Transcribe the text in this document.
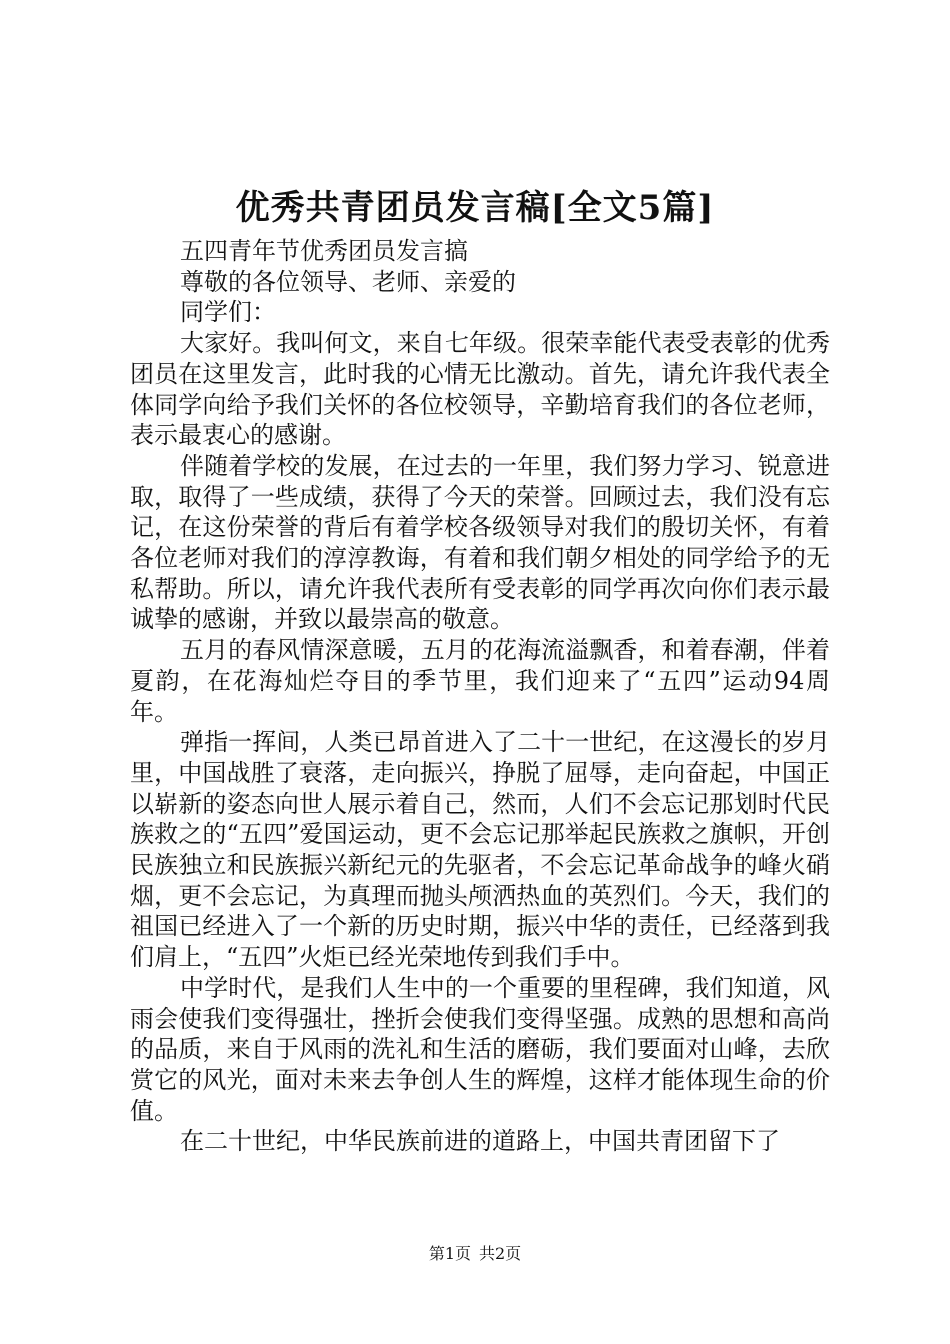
优秀共青团员发言稿[全文5篇]
五四青年节优秀团员发言搞
尊敬的各位领导、老师、亲爱的
同学们：
大家好。我叫何文，来自七年级。很荣幸能代表受表彰的优秀团员在这里发言，此时我的心情无比激动。首先，请允许我代表全体同学向给予我们关怀的各位校领导，辛勤培育我们的各位老师，表示最衷心的感谢。
伴随着学校的发展，在过去的一年里，我们努力学习、锐意进取，取得了一些成绩，获得了今天的荣誉。回顾过去，我们没有忘记，在这份荣誉的背后有着学校各级领导对我们的殷切关怀，有着各位老师对我们的淳淳教诲，有着和我们朝夕相处的同学给予的无私帮助。所以，请允许我代表所有受表彰的同学再次向你们表示最诚挚的感谢，并致以最崇高的敬意。
五月的春风情深意暖，五月的花海流溢飘香，和着春潮，伴着夏韵，在花海灿烂夺目的季节里，我们迎来了“五四”运动94周年。
弹指一挥间，人类已昂首进入了二十一世纪，在这漫长的岁月里，中国战胜了衰落，走向振兴，挣脱了屈辱，走向奋起，中国正以崭新的姿态向世人展示着自己，然而，人们不会忘记那划时代民族救之的“五四”爱国运动，更不会忘记那举起民族救之旗帜，开创民族独立和民族振兴新纪元的先驱者，不会忘记革命战争的峰火硝烟，更不会忘记，为真理而抛头颅洒热血的英烈们。今天，我们的祖国已经进入了一个新的历史时期，振兴中华的责任，已经落到我们肩上，“五四”火炬已经光荣地传到我们手中。
中学时代，是我们人生中的一个重要的里程碑，我们知道，风雨会使我们变得强壮，挫折会使我们变得坚强。成熟的思想和高尚的品质，来自于风雨的洗礼和生活的磨砺，我们要面对山峰，去欣赏它的风光，面对未来去争创人生的辉煌，这样才能体现生命的价值。
在二十世纪，中华民族前进的道路上，中国共青团留下了
第1页 共2页
